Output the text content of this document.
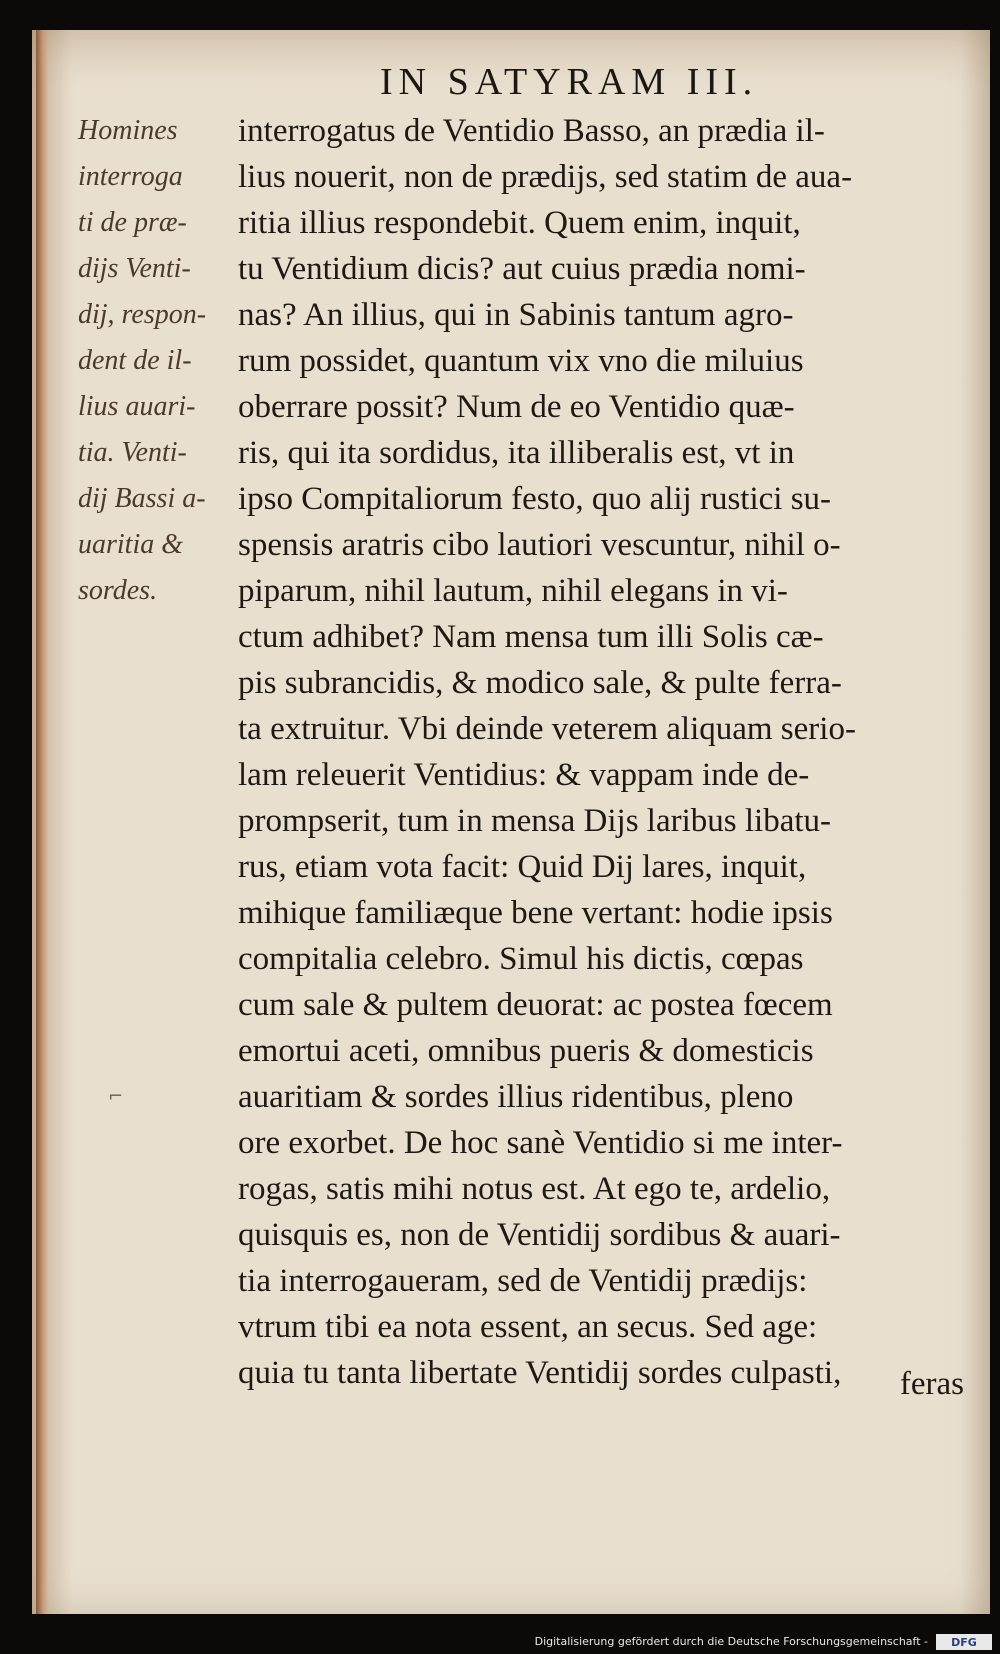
IN SATYRAM III.
Homines
interroga
ti de præ-
dijs Venti-
dij, respon-
dent de il-
lius auari-
tia. Venti-
dij Bassi a-
uaritia &
sordes.
interrogatus de Ventidio Basso, an prædia il-
lius nouerit, non de prædijs, sed statim de aua-
ritia illius respondebit. Quem enim, inquit,
tu Ventidium dicis? aut cuius prædia nomi-
nas? An illius, qui in Sabinis tantum agro-
rum possidet, quantum vix vno die miluius
oberrare possit? Num de eo Ventidio quæ-
ris, qui ita sordidus, ita illiberalis est, vt in
ipso Compitaliorum festo, quo alij rustici su-
spensis aratris cibo lautiori vescuntur, nihil o-
piparum, nihil lautum, nihil elegans in vi-
ctum adhibet? Nam mensa tum illi Solis cæ-
pis subrancidis, & modico sale, & pulte ferra-
ta extruitur. Vbi deinde veterem aliquam serio-
lam releuerit Ventidius: & vappam inde de-
prompserit, tum in mensa Dijs laribus libatu-
rus, etiam vota facit: Quid Dij lares, inquit,
mihique familiæque bene vertant: hodie ipsis
compitalia celebro. Simul his dictis, cœpas
cum sale & pultem deuorat: ac postea fœcem
emortui aceti, omnibus pueris & domesticis
auaritiam & sordes illius ridentibus, pleno
ore exorbet. De hoc sanè Ventidio si me inter-
rogas, satis mihi notus est. At ego te, ardelio,
quisquis es, non de Ventidij sordibus & auari-
tia interrogaueram, sed de Ventidij prædijs:
vtrum tibi ea nota essent, an secus. Sed age:
quia tu tanta libertate Ventidij sordes culpasti,	feras

⌐
Digitalisierung gefördert durch die Deutsche Forschungsgemeinschaft -	DFG
